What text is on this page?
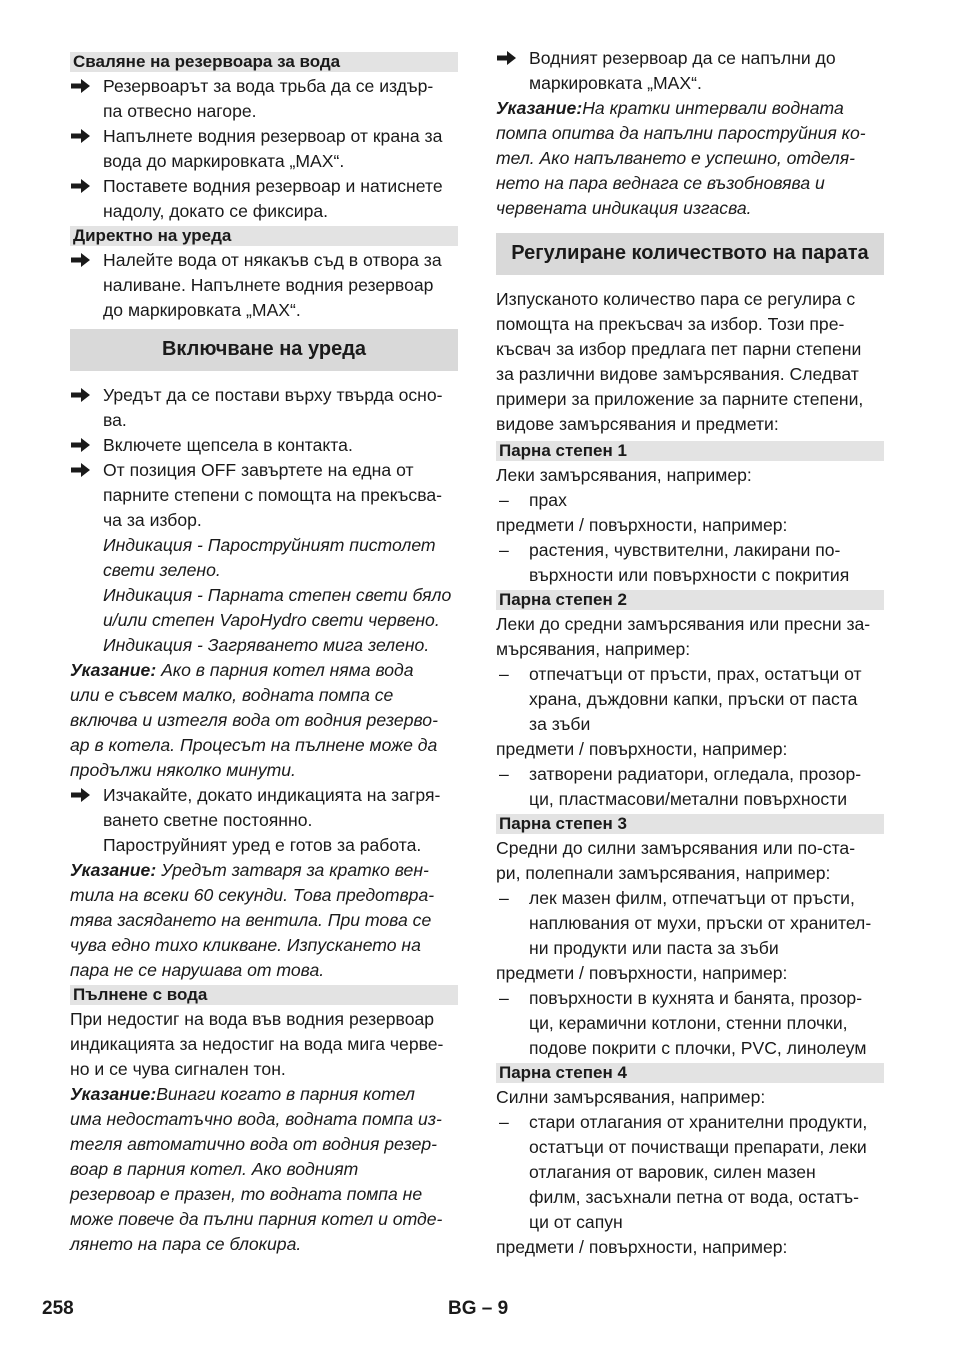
Сваляне на резервоара за вода
Резервоарът за вода трьба да се издър-
па отвесно нагоре.
Напълнете водния резервоар от крана за
вода до маркировката „MAX“.
Поставете водния резервоар и натиснете
надолу, докато се фиксира.
Директно на уреда
Налейте вода от някакъв съд в отвора за
наливане. Напълнете водния резервоар
до маркировката „MAX“.
Включване на уреда
Уредът да се постави върху твърда осно-
ва.
Включете щепсела в контакта.
От позиция OFF завъртете на една от
парните степени с помощта на прекъсва-
ча за избор.
Индикация - Пароструйният пистолет
свети зелено.
Индикация - Парната степен свети бяло
и/или степен VapoHydro свети червено.
Индикация - Загряването мига зелено.
Указание: Ако в парния котел няма вода
или е съвсем малко, водната помпа се
включва и изтегля вода от водния резерво-
ар в котела. Процесът на пълнене може да
продължи няколко минути.
Изчакайте, докато индикацията на загря-
ването светне постоянно.
Пароструйният уред е готов за работа.
Указание: Уредът затваря за кратко вен-
тила на всеки 60 секунди. Това предотвра-
тява засядането на вентила. При това се
чува едно тихо кликване. Изпускането на
пара не се нарушава от това.
Пълнене с вода
При недостиг на вода във водния резервоар
индикацията за недостиг на вода мига черве-
но и се чува сигнален тон.
Указание:Винаги когато в парния котел
има недостатъчно вода, водната помпа из-
тегля автоматично вода от водния резер-
воар в парния котел. Ако водният
резервоар е празен, то водната помпа не
може повече да пълни парния котел и отде-
лянето на пара се блокира.
Водният резервоар да се напълни до
маркировката „MAX“.
Указание:На кратки интервали водната
помпа опитва да напълни пароструйния ко-
тел. Ако напълването е успешно, отделя-
нето на пара веднага се възобновява и
червената индикация изгасва.
Регулиране количеството на парата
Изпусканото количество пара се регулира с
помощта на прекъсвач за избор. Този пре-
късвач за избор предлага пет парни степени
за различни видове замърсявания. Следват
примери за приложение за парните степени,
видове замърсявания и предмети:
Парна степен 1
Леки замърсявания, например:
– прах
предмети / повърхности, например:
– растения, чувствителни, лакирани по-
върхности или повърхности с покрития
Парна степен 2
Леки до средни замърсявания или пресни за-
мърсявания, например:
– отпечатъци от пръсти, прах, остатъци от
храна, дъждовни капки, пръски от паста
за зъби
предмети / повърхности, например:
– затворени радиатори, огледала, прозор-
ци, пластмасови/метални повърхности
Парна степен 3
Средни до силни замърсявания или по-ста-
ри, полепнали замърсявания, например:
– лек мазен филм, отпечатъци от пръсти,
наплювания от мухи, пръски от хранител-
ни продукти или паста за зъби
предмети / повърхности, например:
– повърхности в кухнята и банята, прозор-
ци, керамични котлони, стенни плочки,
подове покрити с плочки, PVC, линолеум
Парна степен 4
Силни замърсявания, например:
– стари отлагания от хранителни продукти,
остатъци от почистващи препарати, леки
отлагания от варовик, силен мазен
филм, засъхнали петна от вода, остатъ-
ци от сапун
предмети / повърхности, например:
258	BG – 9
